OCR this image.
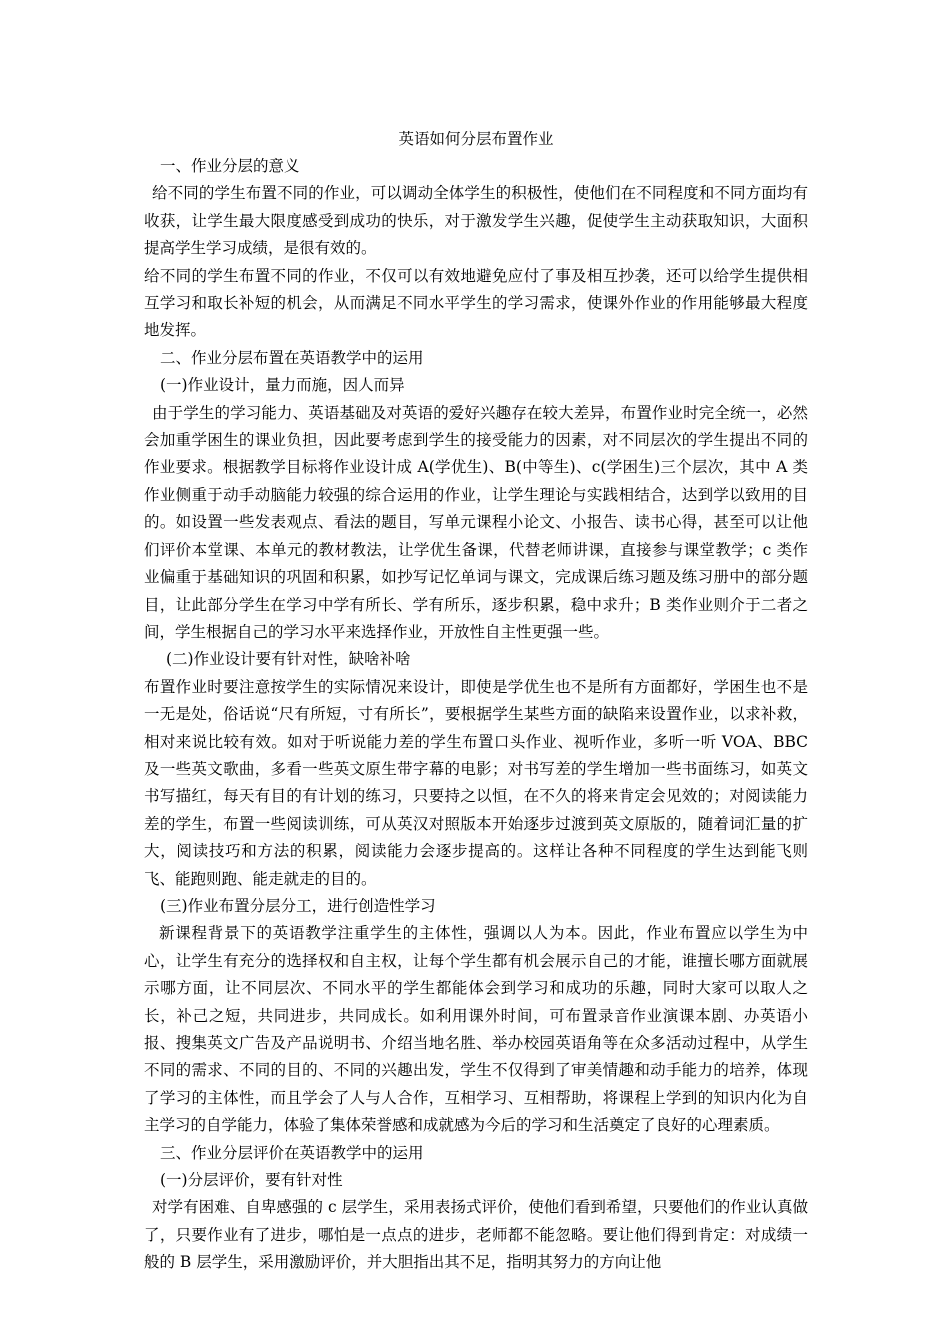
英语如何分层布置作业

一、作业分层的意义

给不同的学生布置不同的作业，可以调动全体学生的积极性，使他们在不同程度和不同方面均有收获，让学生最大限度感受到成功的快乐，对于激发学生兴趣，促使学生主动获取知识，大面积提高学生学习成绩，是很有效的。

给不同的学生布置不同的作业，不仅可以有效地避免应付了事及相互抄袭，还可以给学生提供相互学习和取长补短的机会，从而满足不同水平学生的学习需求，使课外作业的作用能够最大程度地发挥。

二、作业分层布置在英语教学中的运用

(一)作业设计，量力而施，因人而异

由于学生的学习能力、英语基础及对英语的爱好兴趣存在较大差异，布置作业时完全统一，必然会加重学困生的课业负担，因此要考虑到学生的接受能力的因素，对不同层次的学生提出不同的作业要求。根据教学目标将作业设计成 A(学优生)、B(中等生)、c(学困生)三个层次，其中 A 类作业侧重于动手动脑能力较强的综合运用的作业，让学生理论与实践相结合，达到学以致用的目的。如设置一些发表观点、看法的题目，写单元课程小论文、小报告、读书心得，甚至可以让他们评价本堂课、本单元的教材教法，让学优生备课，代替老师讲课，直接参与课堂教学；c 类作业偏重于基础知识的巩固和积累，如抄写记忆单词与课文，完成课后练习题及练习册中的部分题目，让此部分学生在学习中学有所长、学有所乐，逐步积累，稳中求升；B 类作业则介于二者之间，学生根据自己的学习水平来选择作业，开放性自主性更强一些。

(二)作业设计要有针对性，缺啥补啥

布置作业时要注意按学生的实际情况来设计，即使是学优生也不是所有方面都好，学困生也不是一无是处，俗话说“尺有所短，寸有所长”，要根据学生某些方面的缺陷来设置作业，以求补救，相对来说比较有效。如对于听说能力差的学生布置口头作业、视听作业，多听一听 VOA、BBC 及一些英文歌曲，多看一些英文原生带字幕的电影；对书写差的学生增加一些书面练习，如英文书写描红，每天有目的有计划的练习，只要持之以恒，在不久的将来肯定会见效的；对阅读能力差的学生，布置一些阅读训练，可从英汉对照版本开始逐步过渡到英文原版的，随着词汇量的扩大，阅读技巧和方法的积累，阅读能力会逐步提高的。这样让各种不同程度的学生达到能飞则飞、能跑则跑、能走就走的目的。

(三)作业布置分层分工，进行创造性学习

新课程背景下的英语教学注重学生的主体性，强调以人为本。因此，作业布置应以学生为中心，让学生有充分的选择权和自主权，让每个学生都有机会展示自己的才能，谁擅长哪方面就展示哪方面，让不同层次、不同水平的学生都能体会到学习和成功的乐趣，同时大家可以取人之长，补己之短，共同进步，共同成长。如利用课外时间，可布置录音作业演课本剧、办英语小报、搜集英文广告及产品说明书、介绍当地名胜、举办校园英语角等在众多活动过程中，从学生不同的需求、不同的目的、不同的兴趣出发，学生不仅得到了审美情趣和动手能力的培养，体现了学习的主体性，而且学会了人与人合作，互相学习、互相帮助，将课程上学到的知识内化为自主学习的自学能力，体验了集体荣誉感和成就感为今后的学习和生活奠定了良好的心理素质。

三、作业分层评价在英语教学中的运用

(一)分层评价，要有针对性

对学有困难、自卑感强的 c 层学生，采用表扬式评价，使他们看到希望，只要他们的作业认真做了，只要作业有了进步，哪怕是一点点的进步，老师都不能忽略。要让他们得到肯定：对成绩一般的 B 层学生，采用激励评价，并大胆指出其不足，指明其努力的方向让他
